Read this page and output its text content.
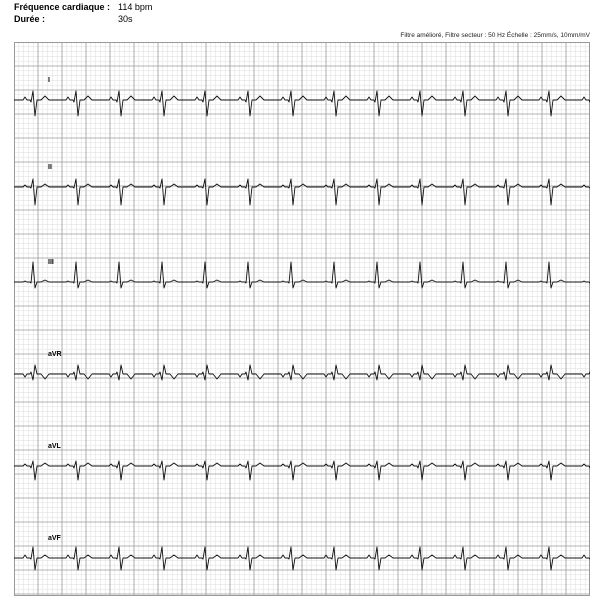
Fréquence cardiaque : 114 bpm
Durée :	30s
Filtre amélioré, Filtre secteur : 50 Hz Échelle : 25mm/s, 10mm/mV
I
II
III
aVR
aVL
aVF
